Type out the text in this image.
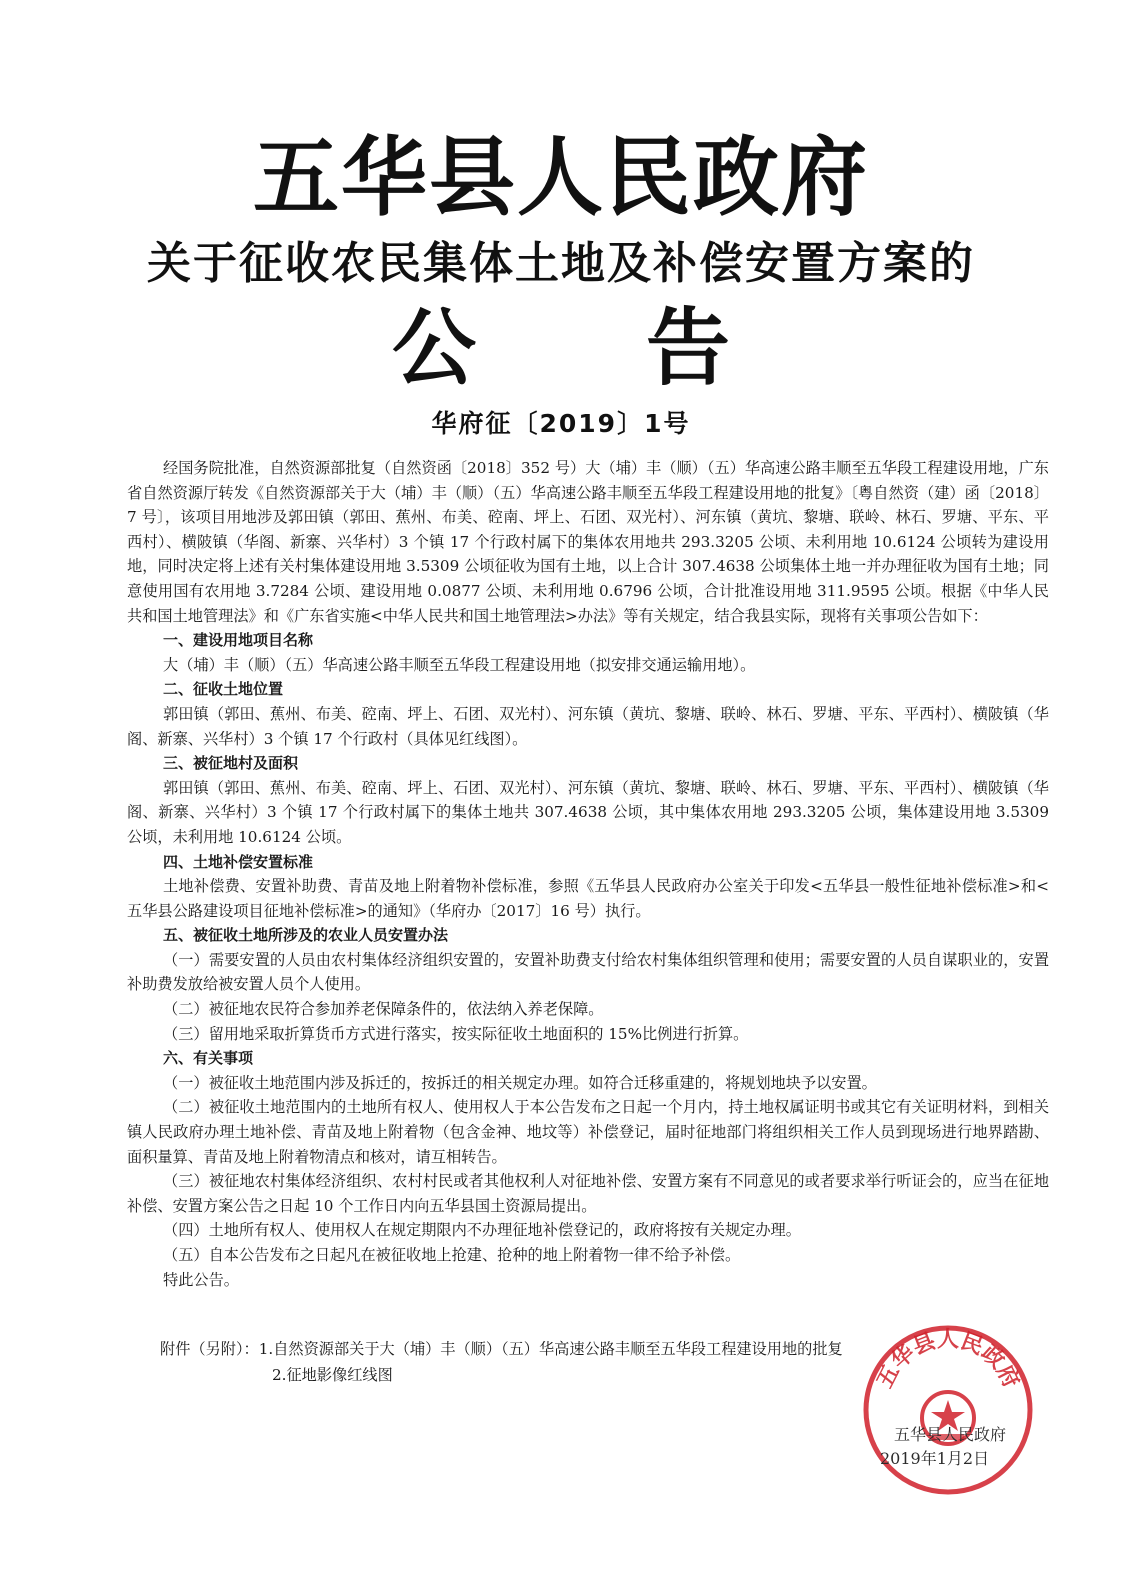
五华县人民政府
关于征收农民集体土地及补偿安置方案的
公告
华府征〔2019〕1号

经国务院批准，自然资源部批复（自然资函〔2018〕352 号）大（埔）丰（顺）（五）华高速公路丰顺至五华段工程建设用地，广东省自然资源厅转发《自然资源部关于大（埔）丰（顺）（五）华高速公路丰顺至五华段工程建设用地的批复》〔粤自然资（建）函〔2018〕7 号〕，该项目用地涉及郭田镇（郭田、蕉州、布美、硿南、坪上、石团、双光村）、河东镇（黄坑、黎塘、联岭、林石、罗塘、平东、平西村）、横陂镇（华阁、新寨、兴华村）3 个镇 17 个行政村属下的集体农用地共 293.3205 公顷、未利用地 10.6124 公顷转为建设用地，同时决定将上述有关村集体建设用地 3.5309 公顷征收为国有土地，以上合计 307.4638 公顷集体土地一并办理征收为国有土地；同意使用国有农用地 3.7284 公顷、建设用地 0.0877 公顷、未利用地 0.6796 公顷，合计批准设用地 311.9595 公顷。根据《中华人民共和国土地管理法》和《广东省实施<中华人民共和国土地管理法>办法》等有关规定，结合我县实际，现将有关事项公告如下：

一、建设用地项目名称

大（埔）丰（顺）（五）华高速公路丰顺至五华段工程建设用地（拟安排交通运输用地）。

二、征收土地位置

郭田镇（郭田、蕉州、布美、硿南、坪上、石团、双光村）、河东镇（黄坑、黎塘、联岭、林石、罗塘、平东、平西村）、横陂镇（华阁、新寨、兴华村）3 个镇 17 个行政村（具体见红线图）。

三、被征地村及面积

郭田镇（郭田、蕉州、布美、硿南、坪上、石团、双光村）、河东镇（黄坑、黎塘、联岭、林石、罗塘、平东、平西村）、横陂镇（华阁、新寨、兴华村）3 个镇 17 个行政村属下的集体土地共 307.4638 公顷，其中集体农用地 293.3205 公顷，集体建设用地 3.5309 公顷，未利用地 10.6124 公顷。

四、土地补偿安置标准

土地补偿费、安置补助费、青苗及地上附着物补偿标准，参照《五华县人民政府办公室关于印发<五华县一般性征地补偿标准>和<五华县公路建设项目征地补偿标准>的通知》（华府办〔2017〕16 号）执行。

五、被征收土地所涉及的农业人员安置办法

（一）需要安置的人员由农村集体经济组织安置的，安置补助费支付给农村集体组织管理和使用；需要安置的人员自谋职业的，安置补助费发放给被安置人员个人使用。

（二）被征地农民符合参加养老保障条件的，依法纳入养老保障。

（三）留用地采取折算货币方式进行落实，按实际征收土地面积的 15%比例进行折算。

六、有关事项

（一）被征收土地范围内涉及拆迁的，按拆迁的相关规定办理。如符合迁移重建的，将规划地块予以安置。

（二）被征收土地范围内的土地所有权人、使用权人于本公告发布之日起一个月内，持土地权属证明书或其它有关证明材料，到相关镇人民政府办理土地补偿、青苗及地上附着物（包含金神、地坟等）补偿登记，届时征地部门将组织相关工作人员到现场进行地界踏勘、面积量算、青苗及地上附着物清点和核对，请互相转告。

（三）被征地农村集体经济组织、农村村民或者其他权利人对征地补偿、安置方案有不同意见的或者要求举行听证会的，应当在征地补偿、安置方案公告之日起 10 个工作日内向五华县国土资源局提出。

（四）土地所有权人、使用权人在规定期限内不办理征地补偿登记的，政府将按有关规定办理。

（五）自本公告发布之日起凡在被征收地上抢建、抢种的地上附着物一律不给予补偿。

特此公告。

附件（另附）：1.自然资源部关于大（埔）丰（顺）（五）华高速公路丰顺至五华段工程建设用地的批复
2.征地影像红线图	五华县人民政府
五华县人民政府
2019年1月2日
